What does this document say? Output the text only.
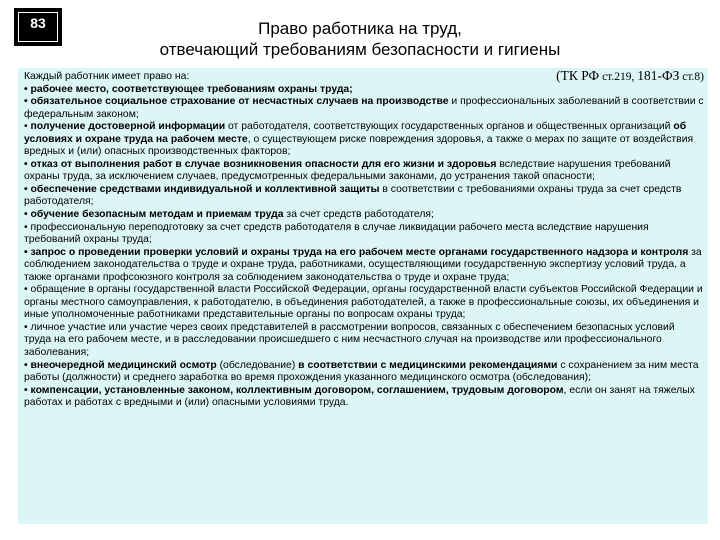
83	Право работника на труд,
отвечающий требованиям безопасности и гигиены
(ТК РФ ст.219, 181-ФЗ ст.8)

Каждый работник имеет право на:

• рабочее место, соответствующее требованиям охраны труда;

• обязательное социальное страхование от несчастных случаев на производстве и профессиональных заболеваний в соответствии с федеральным законом;

• получение достоверной информации от работодателя, соответствующих государственных органов и общественных организаций об условиях и охране труда на рабочем месте, о существующем риске повреждения здоровья, а также о мерах по защите от воздействия вредных и (или) опасных производственных факторов;

• отказ от выполнения работ в случае возникновения опасности для его жизни и здоровья вследствие нарушения требований охраны труда, за исключением случаев, предусмотренных федеральными законами, до устранения такой опасности;

• обеспечение средствами индивидуальной и коллективной защиты в соответствии с требованиями охраны труда за счет средств работодателя;

• обучение безопасным методам и приемам труда за счет средств работодателя;

• профессиональную переподготовку за счет средств работодателя в случае ликвидации рабочего места вследствие нарушения требований охраны труда;

• запрос о проведении проверки условий и охраны труда на его рабочем месте органами государственного надзора и контроля за соблюдением законодательства о труде и охране труда, работниками, осуществляющими государственную экспертизу условий труда, а также органами профсоюзного контроля за соблюдением законодательства о труде и охране труда;

• обращение в органы государственной власти Российской Федерации, органы государственной власти субъектов Российской Федерации и органы местного самоуправления, к работодателю, в объединения работодателей, а также в профессиональные союзы, их объединения и иные уполномоченные работниками представительные органы по вопросам охраны труда;

• личное участие или участие через своих представителей в рассмотрении вопросов, связанных с обеспечением безопасных условий труда на его рабочем месте, и в расследовании происшедшего с ним несчастного случая на производстве или профессионального заболевания;

• внеочередной медицинский осмотр (обследование) в соответствии с медицинскими рекомендациями с сохранением за ним места работы (должности) и среднего заработка во время прохождения указанного медицинского осмотра (обследования);

• компенсации, установленные законом, коллективным договором, соглашением, трудовым договором, если он занят на тяжелых работах и работах с вредными и (или) опасными условиями труда.
